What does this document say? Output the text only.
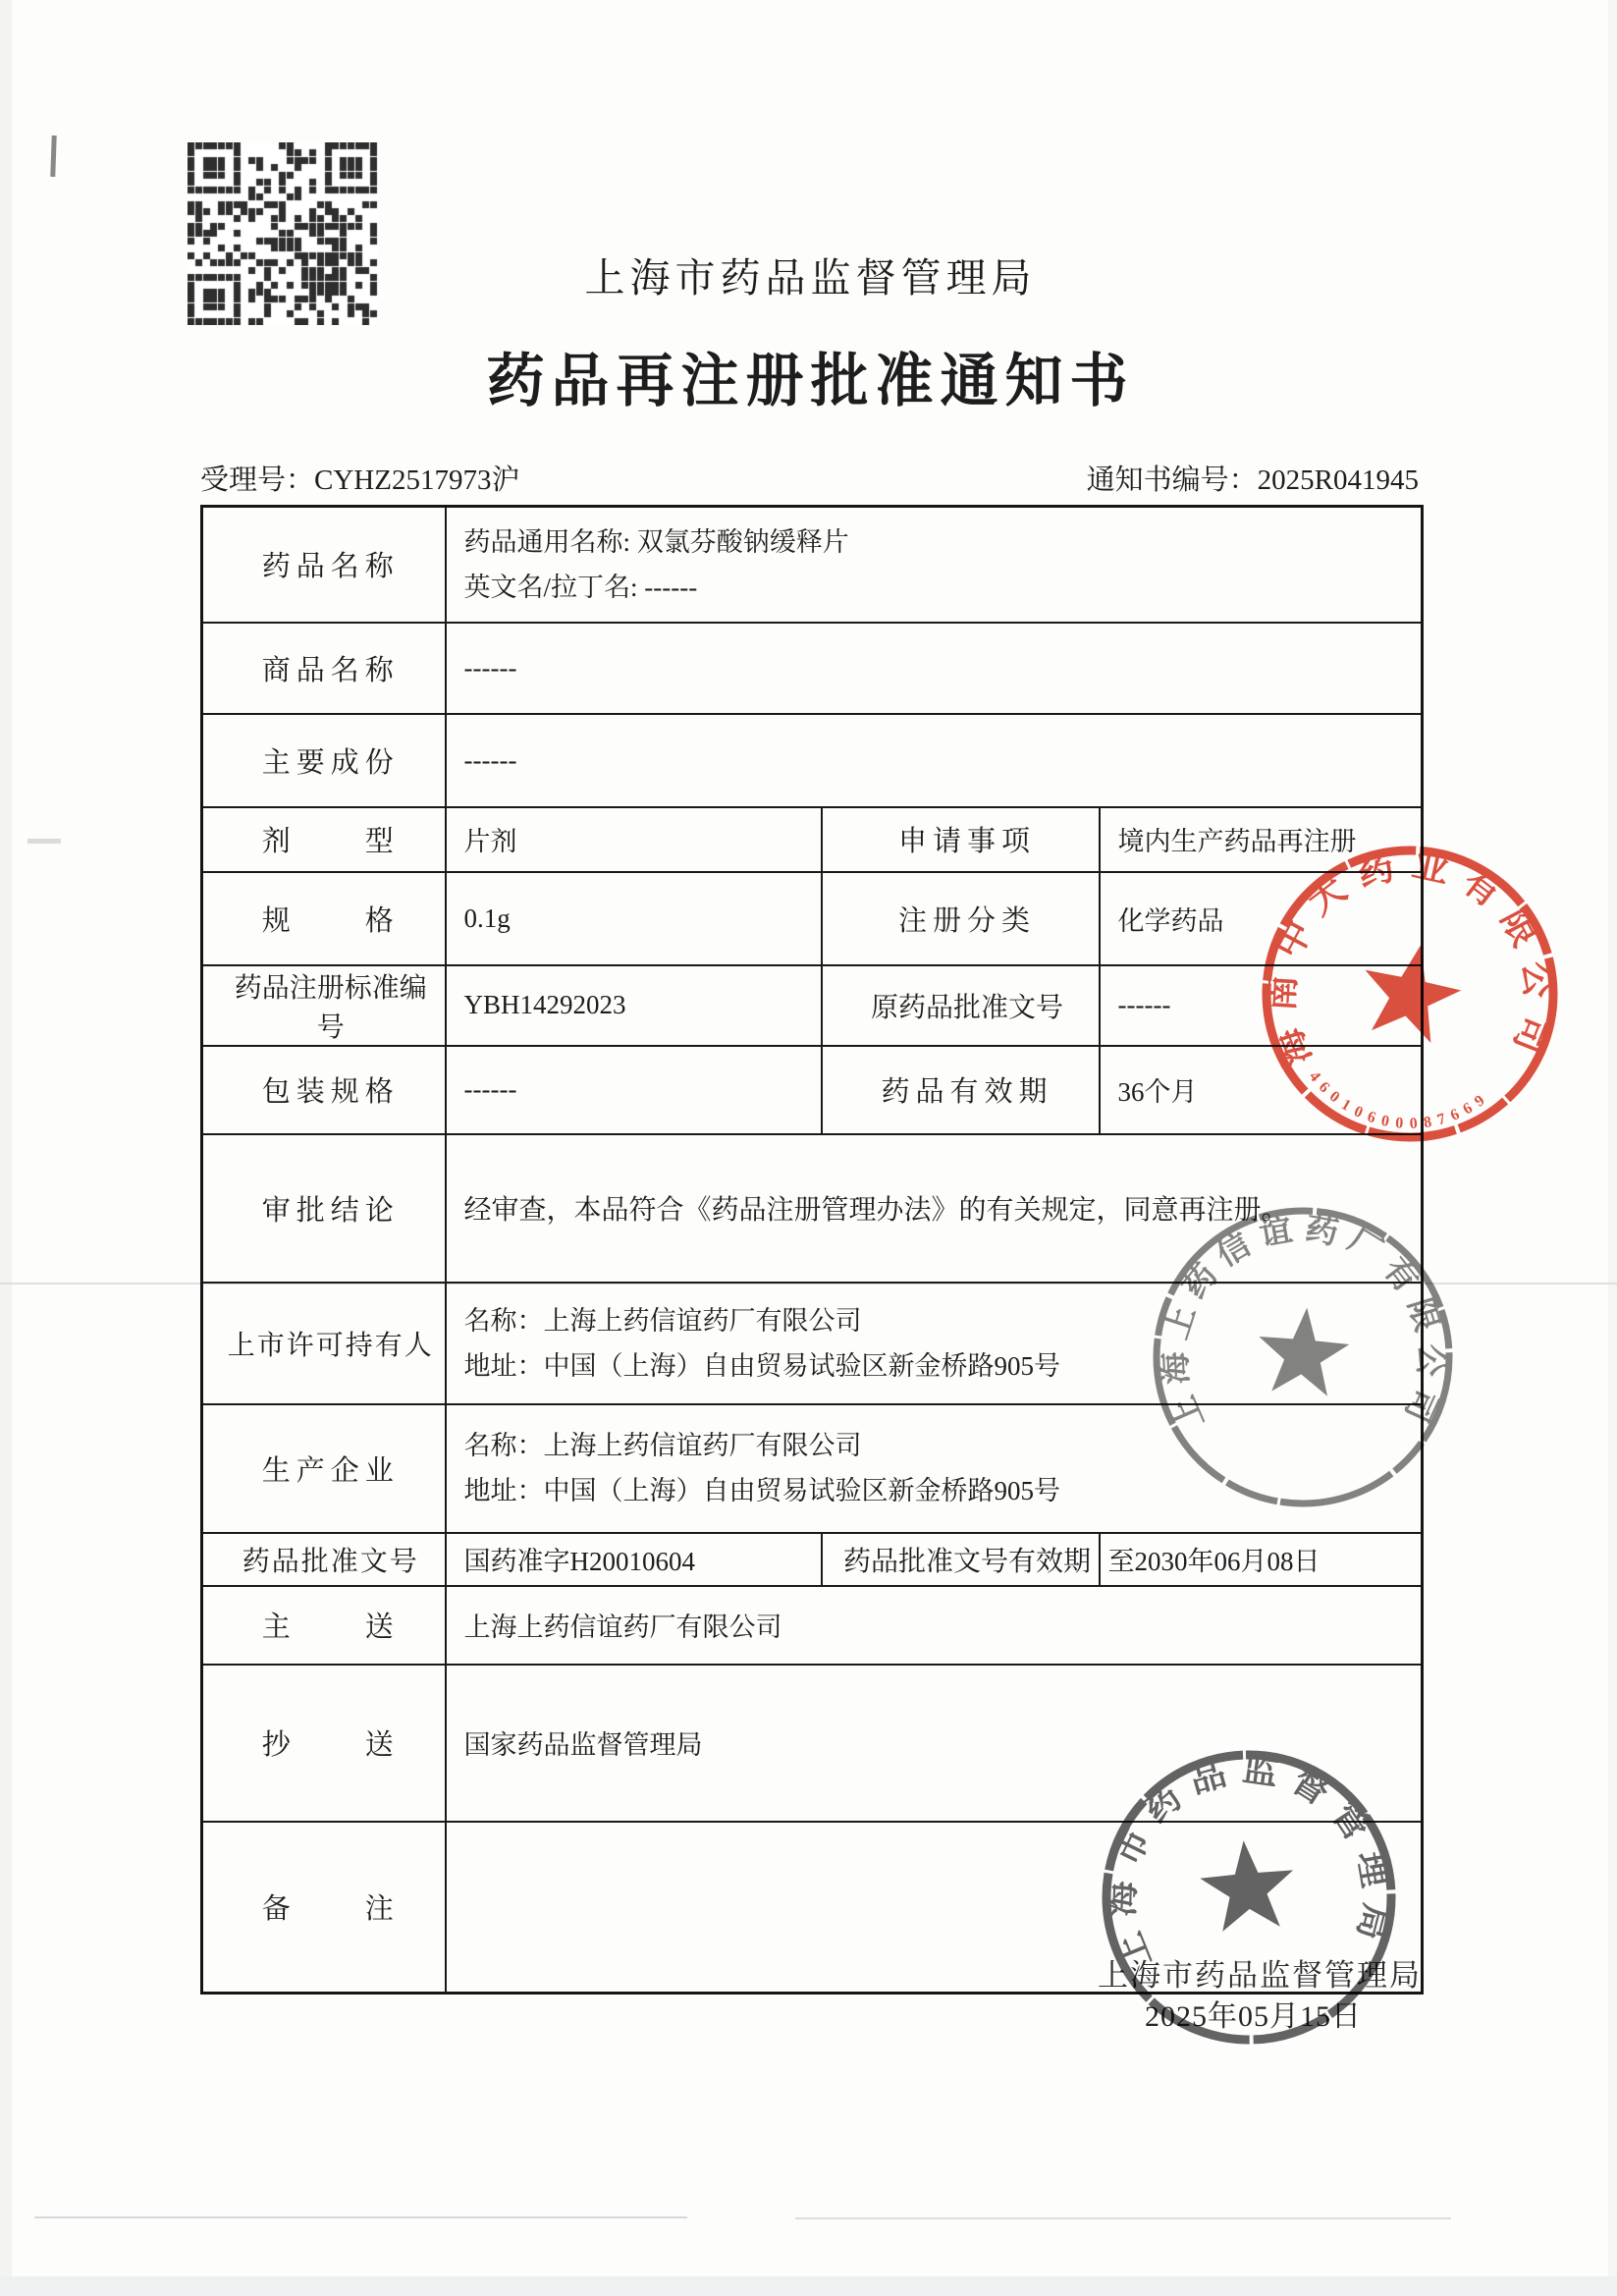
上海市药品监督管理局
药品再注册批准通知书
受理号：CYHZ2517973沪	通知书编号：2025R041945
药品名称	药品通用名称: 双氯芬酸钠缓释片
英文名/拉丁名: ------		

商品名称	------		
主要成份	------		
剂　　型	片剂	申请事项	境内生产药品再注册
规　　格	0.1g	注册分类	化学药品
药品注册标准编号	YBH14292023	原药品批准文号	------
包装规格	------	药品有效期	36个月
审批结论	经审查，本品符合《药品注册管理办法》的有关规定，同意再注册。		
上市许可持有人	名称：上海上药信谊药厂有限公司
地址：中国（上海）自由贸易试验区新金桥路905号		

生产企业	名称：上海上药信谊药厂有限公司
地址：中国（上海）自由贸易试验区新金桥路905号		

药品批准文号	国药准字H20010604	药品批准文号有效期	至2030年06月08日
主　　送	上海上药信谊药厂有限公司		
抄　　送	国家药品监督管理局		
备　　注			
上海市药品监督管理局
2025年05月15日
海南中大药业有限公司
46010600087669
上海上药信谊药厂有限公司
上海市药品监督管理局
